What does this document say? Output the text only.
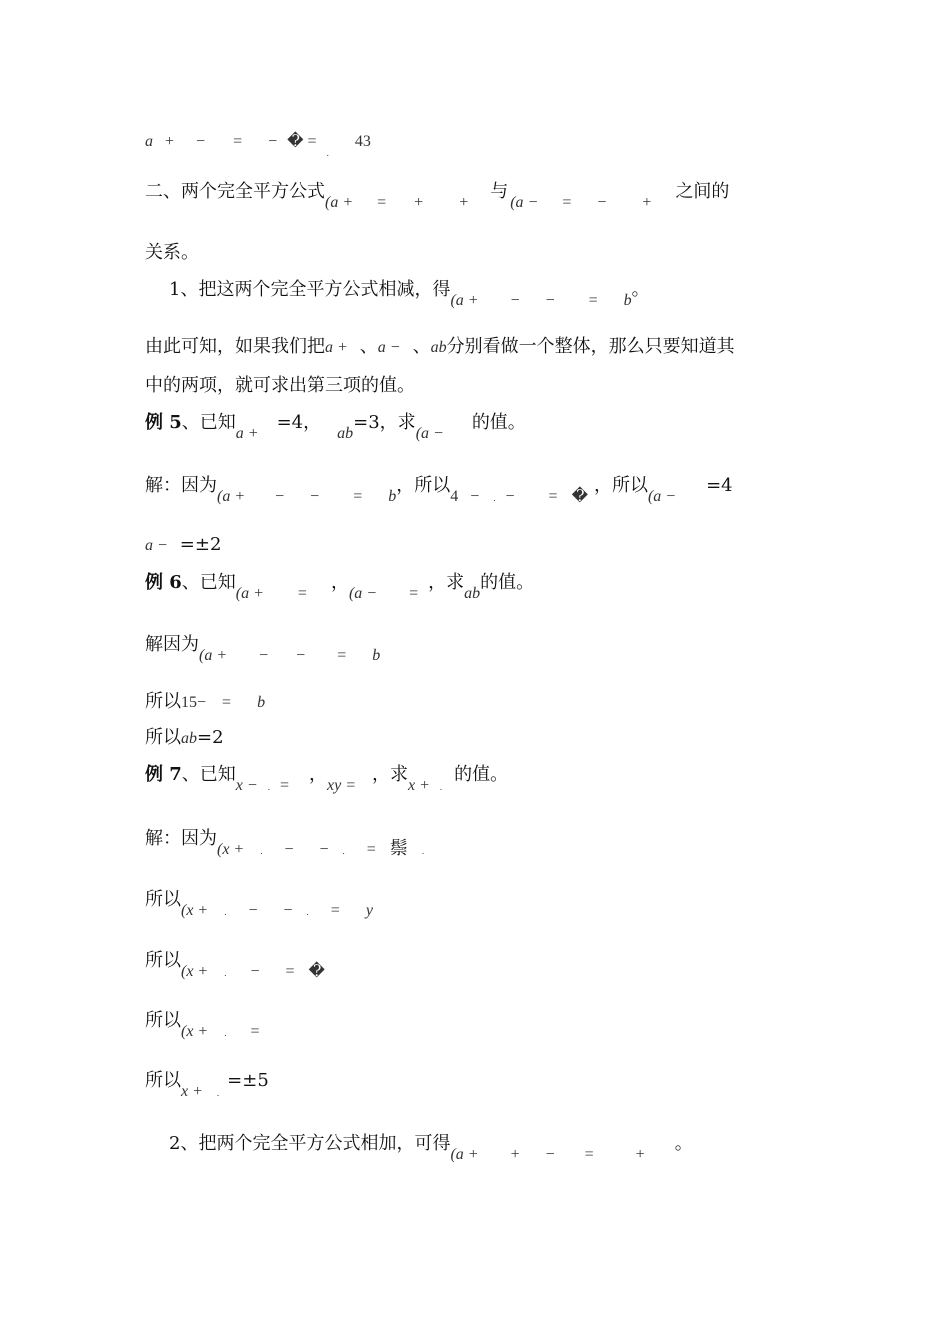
a + − = − � $=_.43$
二、两个完全平方公式(a + = + +与(a − = − +之间的
关系。
1、把这两个完全平方公式相减，得(a + − − = b。
由此可知，如果我们把a + 、a − 、ab分别看做一个整体，那么只要知道其
中的两项，就可求出第三项的值。
例 5、已知a +=4，ab=3，求(a −的值。
解：因为(a + − − = b，所以4 − $_.$ − = �，所以(a −=4
a − =±2
例 6、已知(a + =，(a − =，求ab的值。
解因为(a + − − = b
所以15− = b
所以ab=2
例 7、已知x − $_.$ =，xy =，求x + $_.$的值。
解：因为(x + $_.$ − − $_.$ = 鬃 $_.$
所以(x + $_.$ − − $_.$ = y
所以(x + $_.$ − = �
所以(x + $_.$ =
所以x + $_.$=±5
2、把两个完全平方公式相加，可得(a + + − =	+。
